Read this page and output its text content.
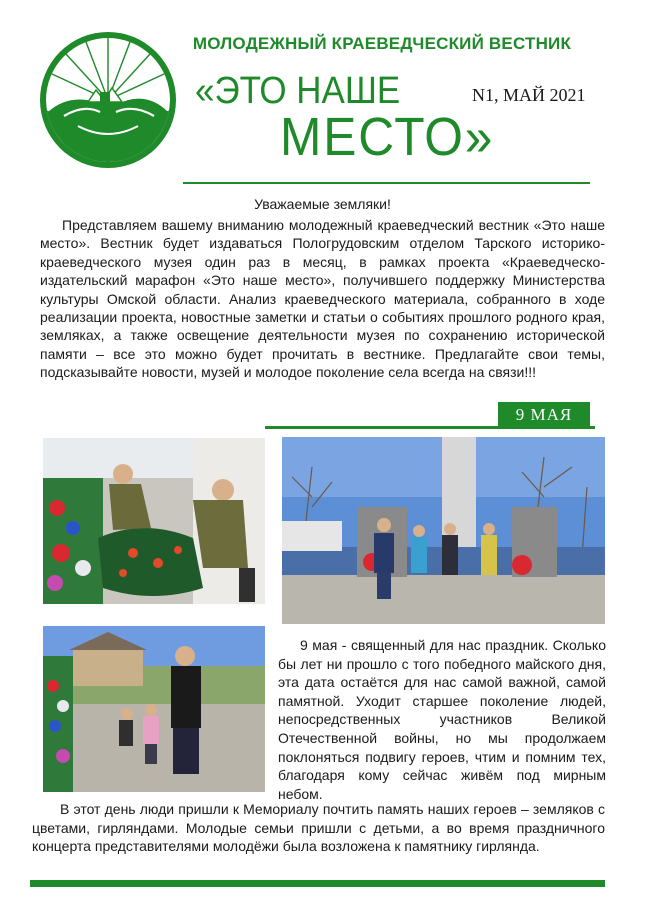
МОЛОДЕЖНЫЙ КРАЕВЕДЧЕСКИЙ ВЕСТНИК
«ЭТО НАШЕ
МЕСТО»
N1, МАЙ 2021
Уважаемые земляки!

Представляем вашему вниманию молодежный краеведческий вестник «Это наше место». Вестник будет издаваться Пологрудовским отделом Тарского историко-краеведческого музея один раз в месяц, в рамках проекта «Краеведческо-издательский марафон «Это наше место», получившего поддержку Министерства культуры Омской области. Анализ краеведческого материала, собранного в ходе реализации проекта, новостные заметки и статьи о событиях прошлого родного края, земляках, а также освещение деятельности музея по сохранению исторической памяти – все это можно будет прочитать в вестнике. Предлагайте свои темы, подсказывайте новости, музей и молодое поколение села всегда на связи!!!

9 МАЯ

9 мая - священный для нас праздник. Сколько бы лет ни прошло с того победного майского дня, эта дата остаётся для нас самой важной, самой памятной. Уходит старшее поколение людей, непосредственных участников Великой Отечественной войны, но мы продолжаем поклоняться подвигу героев, чтим и помним тех, благодаря кому сейчас живём под мирным небом.

В этот день люди пришли к Мемориалу почтить память наших героев – земляков с цветами, гирляндами. Молодые семьи пришли с детьми, а во время праздничного концерта представителями молодёжи была возложена к памятнику гирлянда.
